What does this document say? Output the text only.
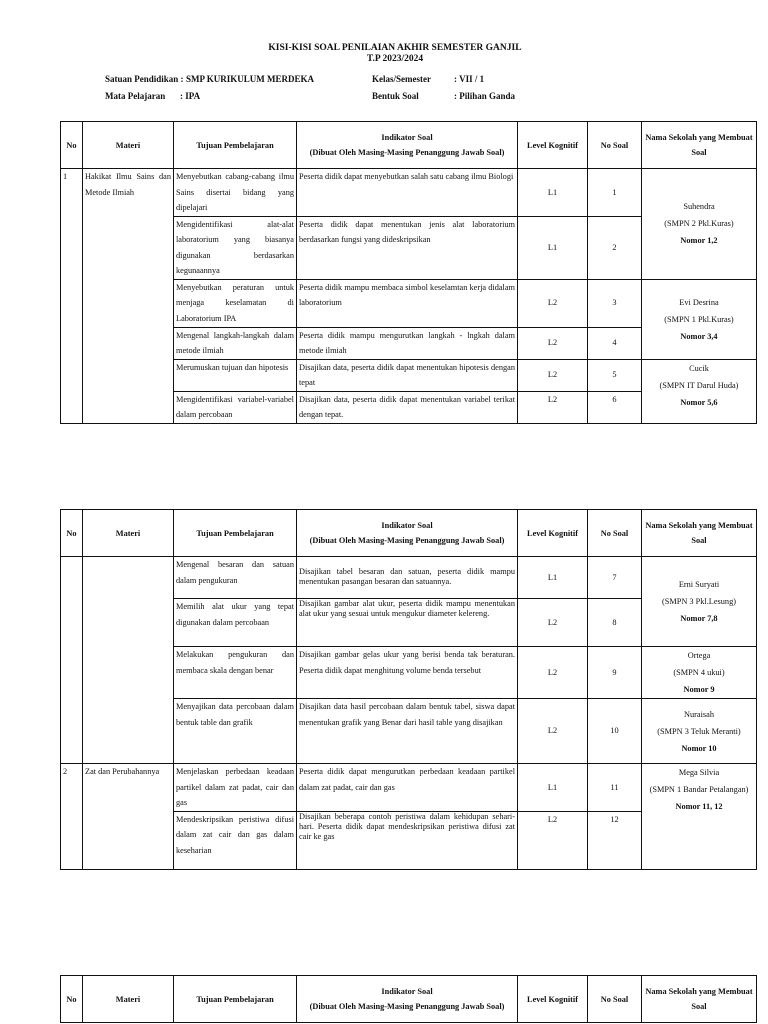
KISI-KISI SOAL PENILAIAN AKHIR SEMESTER GANJIL
T.P 2023/2024
Satuan Pendidikan : SMP KURIKULUM MERDEKA
Mata Pelajaran : IPA
Kelas/Semester	: VII / 1
Bentuk Soal	: Pilihan Ganda
No	Materi	Tujuan Pembelajaran	Indikator Soal
(Dibuat Oleh Masing-Masing Penanggung Jawab Soal)	Level Kognitif	No Soal	Nama Sekolah yang Membuat Soal
1	Hakikat Ilmu Sains dan Metode Ilmiah	Menyebutkan cabang-cabang ilmu Sains disertai bidang yang dipelajari	Peserta didik dapat menyebutkan salah satu cabang ilmu Biologi	L1	1	Suhendra
(SMPN 2 Pkl.Kuras)
Nomor 1,2

		Mengidentifikasi alat-alat laboratorium yang biasanya digunakan berdasarkan kegunaannya	Peserta didik dapat menentukan jenis alat laboratorium berdasarkan fungsi yang dideskripsikan	L1	2	
		Menyebutkan peraturan untuk menjaga keselamatan di Laboratorium IPA	Peserta didik mampu membaca simbol keselamtan kerja didalam laboratorium	L2	3	Evi Desrina
(SMPN 1 Pkl.Kuras)
Nomor 3,4

		Mengenal langkah-langkah dalam metode ilmiah	Peserta didik mampu mengurutkan langkah - lngkah dalam metode ilmiah	L2	4	
		Merumuskan tujuan dan hipotesis	Disajikan data, peserta didik dapat menentukan hipotesis dengan tepat	L2	5	Cucik
(SMPN IT Darul Huda)
Nomor 5,6

		Mengidentifikasi variabel-variabel dalam percobaan	Disajikan data, peserta didik dapat menentukan variabel terikat dengan tepat.	L2	6	
No	Materi	Tujuan Pembelajaran	Indikator Soal
(Dibuat Oleh Masing-Masing Penanggung Jawab Soal)	Level Kognitif	No Soal	Nama Sekolah yang Membuat Soal
		Mengenal besaran dan satuan dalam pengukuran	Disajikan tabel besaran dan satuan, peserta didik mampu menentukan pasangan besaran dan satuannya.	L1	7	Erni Suryati
(SMPN 3 Pkl.Lesung)
Nomor 7,8

		Memilih alat ukur yang tepat digunakan dalam percobaan	Disajikan gambar alat ukur, peserta didik mampu menentukan alat ukur yang sesuai untuk mengukur diameter kelereng.	L2	8	
		Melakukan pengukuran dan membaca skala dengan benar	Disajikan gambar gelas ukur yang berisi benda tak beraturan. Peserta didik dapat menghitung volume benda tersebut	L2	9	Ortega
(SMPN 4 ukui)
Nomor 9

		Menyajikan data percobaan dalam bentuk table dan grafik	Disajikan data hasil percobaan dalam bentuk tabel, siswa dapat menentukan grafik yang Benar dari hasil table yang disajikan	L2	10	Nuraisah
(SMPN 3 Teluk Meranti)
Nomor 10

2	Zat dan Perubahannya	Menjelaskan perbedaan keadaan partikel dalam zat padat, cair dan gas	Peserta didik dapat mengurutkan perbedaan keadaan partikel dalam zat padat, cair dan gas	L1	11	Mega Silvia
(SMPN 1 Bandar Petalangan)
Nomor 11, 12

		Mendeskripsikan peristiwa difusi dalam zat cair dan gas dalam keseharian	Disajikan beberapa contoh peristiwa dalam kehidupan sehari-hari. Peserta didik dapat mendeskripsikan peristiwa difusi zat cair ke gas	L2	12	
No	Materi	Tujuan Pembelajaran	Indikator Soal
(Dibuat Oleh Masing-Masing Penanggung Jawab Soal)	Level Kognitif	No Soal	Nama Sekolah yang Membuat Soal
